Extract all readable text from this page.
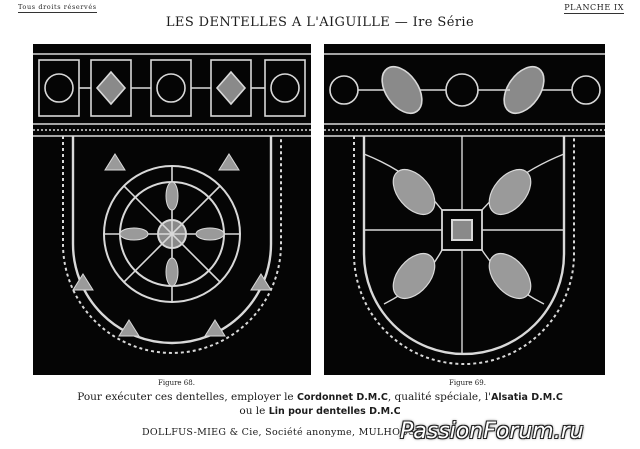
Tous droits réservés
LES DENTELLES A L'AIGUILLE — Ire Série
PLANCHE IX
Figure 68.	Figure 69.
Pour exécuter ces dentelles, employer le Cordonnet D.M.C, qualité spéciale, l'Alsatia D.M.C
ou le Lin pour dentelles D.M.C
DOLLFUS-MIEG & Cie, Société anonyme, MULHOUSE
PassionForum.ru
